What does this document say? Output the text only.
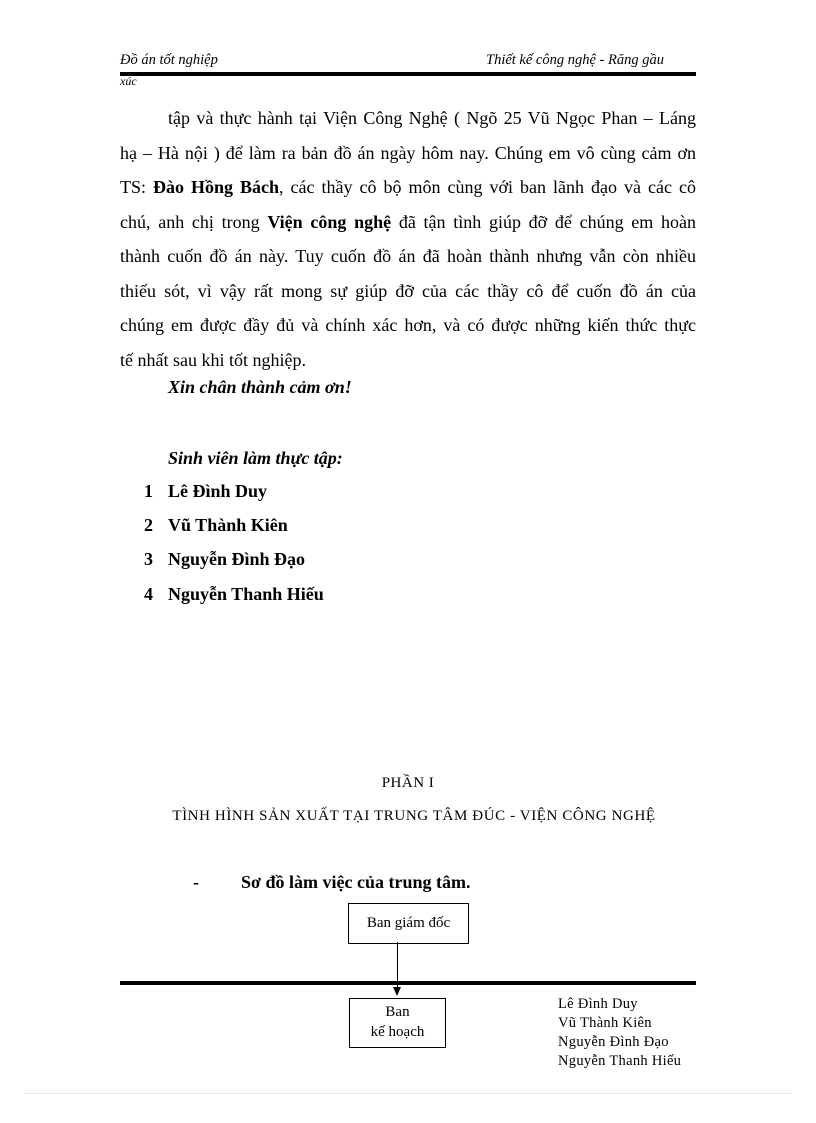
Đồ án tốt nghiệp	Thiết kế công nghệ - Răng gầu
xúc
tập và thực hành tại Viện Công Nghệ ( Ngõ 25 Vũ Ngọc Phan – Láng
hạ – Hà nội ) để làm ra bản đồ án ngày hôm nay. Chúng em vô cùng cảm ơn
TS: Đào Hồng Bách, các thầy cô bộ môn cùng với ban lãnh đạo và các cô
chú, anh chị trong Viện công nghệ đã tận tình giúp đỡ để chúng em hoàn
thành cuốn đồ án này. Tuy cuốn đồ án đã hoàn thành nhưng vẫn còn nhiều
thiếu sót, vì vậy rất mong sự giúp đỡ của các thầy cô để cuốn đồ án của
chúng em được đầy đủ và chính xác hơn, và có được những kiến thức thực
tế nhất sau khi tốt nghiệp.
Xin chân thành cảm ơn!
Sinh viên làm thực tập:
1 Lê Đình Duy
2 Vũ Thành Kiên
3 Nguyễn Đình Đạo
4 Nguyễn Thanh Hiếu
PHẦN I
TÌNH HÌNH SẢN XUẤT TẠI TRUNG TÂM ĐÚC - VIỆN CÔNG NGHỆ
- Sơ đồ làm việc của trung tâm.
Ban giám đốc
Ban
kế hoạch
Lê Đình Duy
Vũ Thành Kiên
Nguyễn Đình Đạo
Nguyễn Thanh Hiếu
